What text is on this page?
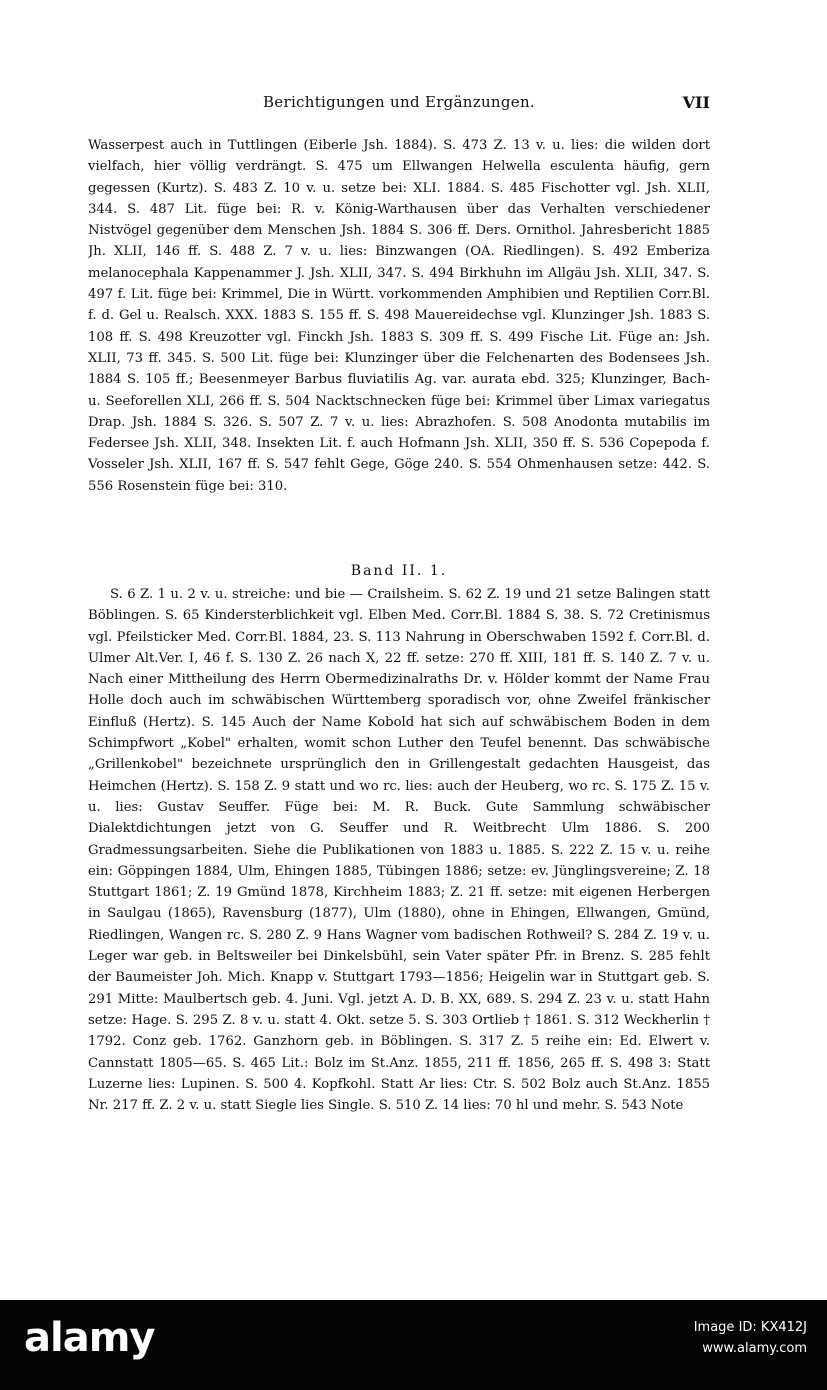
Berichtigungen und Ergänzungen.	VII

Wasserpest auch in Tuttlingen (Eiberle Jsh. 1884). S. 473 Z. 13 v. u. lies: die wilden dort vielfach, hier völlig verdrängt. S. 475 um Ellwangen Helwella esculenta häufig, gern gegessen (Kurtz). S. 483 Z. 10 v. u. setze bei: XLI. 1884. S. 485 Fischotter vgl. Jsh. XLII, 344. S. 487 Lit. füge bei: R. v. König-Warthausen über das Verhalten verschiedener Nistvögel gegenüber dem Menschen Jsh. 1884 S. 306 ff. Ders. Ornithol. Jahresbericht 1885 Jh. XLII, 146 ff. S. 488 Z. 7 v. u. lies: Binzwangen (OA. Riedlingen). S. 492 Emberiza melanocephala Kappenammer J. Jsh. XLII, 347. S. 494 Birkhuhn im Allgäu Jsh. XLII, 347. S. 497 f. Lit. füge bei: Krimmel, Die in Württ. vorkommenden Amphibien und Reptilien Corr.Bl. f. d. Gel u. Realsch. XXX. 1883 S. 155 ff. S. 498 Mauereidechse vgl. Klunzinger Jsh. 1883 S. 108 ff. S. 498 Kreuzotter vgl. Finckh Jsh. 1883 S. 309 ff. S. 499 Fische Lit. Füge an: Jsh. XLII, 73 ff. 345. S. 500 Lit. füge bei: Klunzinger über die Felchenarten des Bodensees Jsh. 1884 S. 105 ff.; Beesenmeyer Barbus fluviatilis Ag. var. aurata ebd. 325; Klunzinger, Bach- u. Seeforellen XLI, 266 ff. S. 504 Nacktschnecken füge bei: Krimmel über Limax variegatus Drap. Jsh. 1884 S. 326. S. 507 Z. 7 v. u. lies: Abrazhofen. S. 508 Anodonta mutabilis im Federsee Jsh. XLII, 348. Insekten Lit. f. auch Hofmann Jsh. XLII, 350 ff. S. 536 Copepoda f. Vosseler Jsh. XLII, 167 ff. S. 547 fehlt Gege, Göge 240. S. 554 Ohmenhausen setze: 442. S. 556 Rosenstein füge bei: 310.

Band II. 1.

S. 6 Z. 1 u. 2 v. u. streiche: und bie — Crailsheim. S. 62 Z. 19 und 21 setze Balingen statt Böblingen. S. 65 Kindersterblichkeit vgl. Elben Med. Corr.Bl. 1884 S. 38. S. 72 Cretinismus vgl. Pfeilsticker Med. Corr.Bl. 1884, 23. S. 113 Nahrung in Oberschwaben 1592 f. Corr.Bl. d. Ulmer Alt.Ver. I, 46 f. S. 130 Z. 26 nach X, 22 ff. setze: 270 ff. XIII, 181 ff. S. 140 Z. 7 v. u. Nach einer Mittheilung des Herrn Obermedizinalraths Dr. v. Hölder kommt der Name Frau Holle doch auch im schwäbischen Württemberg sporadisch vor, ohne Zweifel fränkischer Einfluß (Hertz). S. 145 Auch der Name Kobold hat sich auf schwäbischem Boden in dem Schimpfwort „Kobel" erhalten, womit schon Luther den Teufel benennt. Das schwäbische „Grillenkobel" bezeichnete ursprünglich den in Grillengestalt gedachten Hausgeist, das Heimchen (Hertz). S. 158 Z. 9 statt und wo rc. lies: auch der Heuberg, wo rc. S. 175 Z. 15 v. u. lies: Gustav Seuffer. Füge bei: M. R. Buck. Gute Sammlung schwäbischer Dialektdichtungen jetzt von G. Seuffer und R. Weitbrecht Ulm 1886. S. 200 Gradmessungsarbeiten. Siehe die Publikationen von 1883 u. 1885. S. 222 Z. 15 v. u. reihe ein: Göppingen 1884, Ulm, Ehingen 1885, Tübingen 1886; setze: ev. Jünglingsvereine; Z. 18 Stuttgart 1861; Z. 19 Gmünd 1878, Kirchheim 1883; Z. 21 ff. setze: mit eigenen Herbergen in Saulgau (1865), Ravensburg (1877), Ulm (1880), ohne in Ehingen, Ellwangen, Gmünd, Riedlingen, Wangen rc. S. 280 Z. 9 Hans Wagner vom badischen Rothweil? S. 284 Z. 19 v. u. Leger war geb. in Beltsweiler bei Dinkelsbühl, sein Vater später Pfr. in Brenz. S. 285 fehlt der Baumeister Joh. Mich. Knapp v. Stuttgart 1793—1856; Heigelin war in Stuttgart geb. S. 291 Mitte: Maulbertsch geb. 4. Juni. Vgl. jetzt A. D. B. XX, 689. S. 294 Z. 23 v. u. statt Hahn setze: Hage. S. 295 Z. 8 v. u. statt 4. Okt. setze 5. S. 303 Ortlieb † 1861. S. 312 Weckherlin † 1792. Conz geb. 1762. Ganzhorn geb. in Böblingen. S. 317 Z. 5 reihe ein: Ed. Elwert v. Cannstatt 1805—65. S. 465 Lit.: Bolz im St.Anz. 1855, 211 ff. 1856, 265 ff. S. 498 3: Statt Luzerne lies: Lupinen. S. 500 4. Kopfkohl. Statt Ar lies: Ctr. S. 502 Bolz auch St.Anz. 1855 Nr. 217 ff. Z. 2 v. u. statt Siegle lies Single. S. 510 Z. 14 lies: 70 hl und mehr. S. 543 Note

alamy	Image ID: KX412J
www.alamy.com
